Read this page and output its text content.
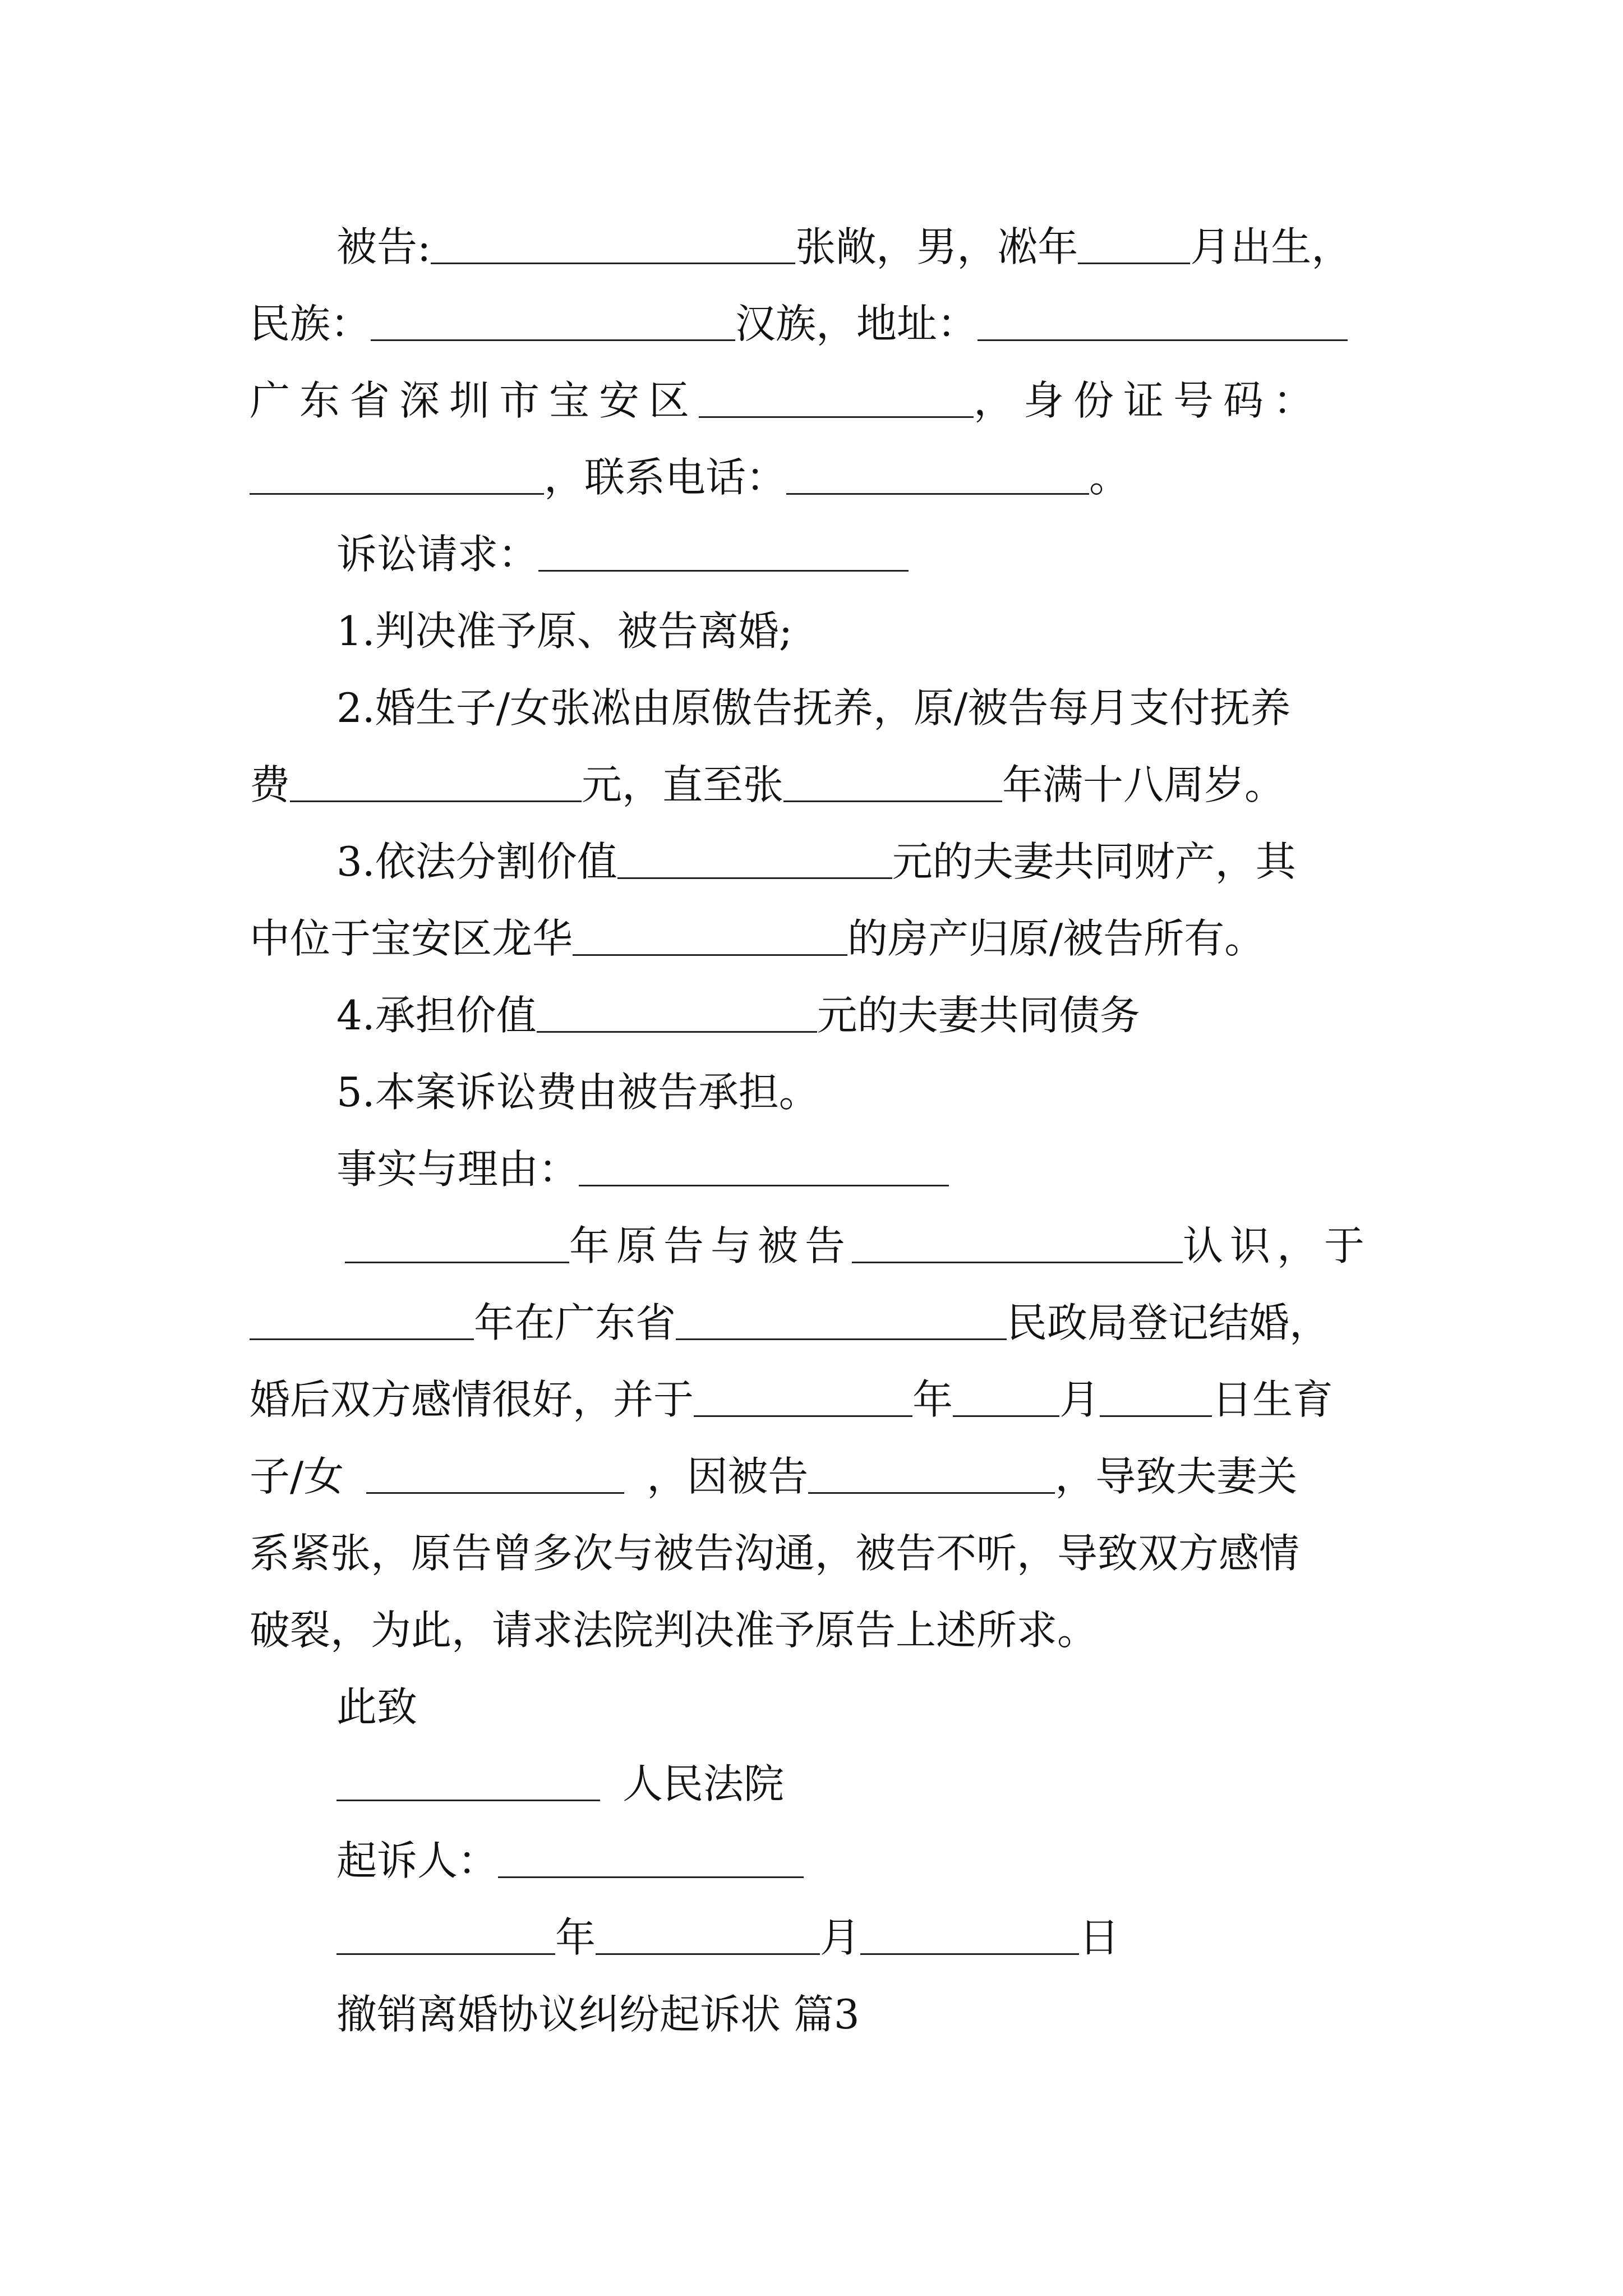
被告:	张敞，男，凇年	月出生，
民族：	汉族，地址：
广东省深圳市宝安区	，身份证号码：
，联系电话：	。
诉讼请求：
1.判决准予原、被告离婚;
2.婚生子/女张凇由原傲告抚养，原/被告每月支付抚养
费	元，直至张	年满十八周岁。
3.依法分割价值	元的夫妻共同财产，其
中位于宝安区龙华	的房产归原/被告所有。
4.承担价值	元的夫妻共同债务
5.本案诉讼费由被告承担。
事实与理由：
年原告与被告	认识，于
年在广东省	民政局登记结婚，
婚后双方感情很好，并于	年	月	日生育
子/女	，因被告	，导致夫妻关
系紧张，原告曾多次与被告沟通，被告不听，导致双方感情
破裂，为此，请求法院判决准予原告上述所求。
此致
人民法院
起诉人：
年	月	日
撤销离婚协议纠纷起诉状 篇3
